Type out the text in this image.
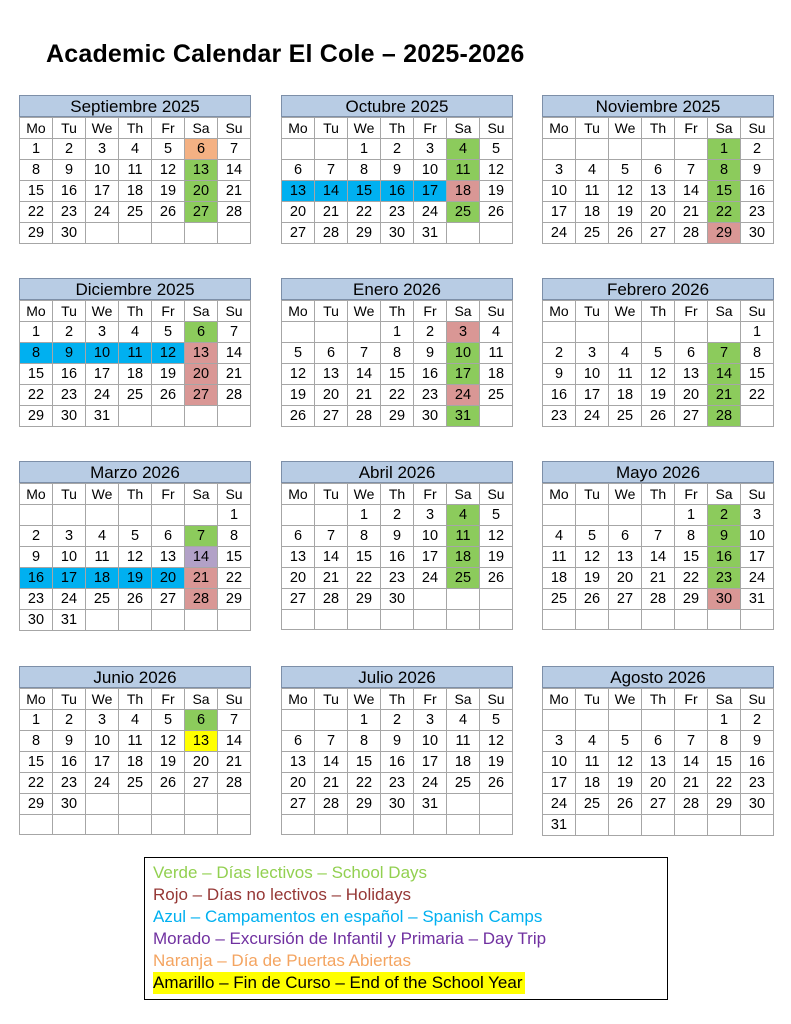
Academic Calendar El Cole – 2025-2026
Septiembre 2025
Mo	Tu	We	Th	Fr	Sa	Su
1	2	3	4	5	6	7
8	9	10	11	12	13	14
15	16	17	18	19	20	21
22	23	24	25	26	27	28
29	30					
Octubre 2025
Mo	Tu	We	Th	Fr	Sa	Su
		1	2	3	4	5
6	7	8	9	10	11	12
13	14	15	16	17	18	19
20	21	22	23	24	25	26
27	28	29	30	31		
Noviembre 2025
Mo	Tu	We	Th	Fr	Sa	Su
					1	2
3	4	5	6	7	8	9
10	11	12	13	14	15	16
17	18	19	20	21	22	23
24	25	26	27	28	29	30
Diciembre 2025
Mo	Tu	We	Th	Fr	Sa	Su
1	2	3	4	5	6	7
8	9	10	11	12	13	14
15	16	17	18	19	20	21
22	23	24	25	26	27	28
29	30	31				
Enero 2026
Mo	Tu	We	Th	Fr	Sa	Su
			1	2	3	4
5	6	7	8	9	10	11
12	13	14	15	16	17	18
19	20	21	22	23	24	25
26	27	28	29	30	31	
Febrero 2026
Mo	Tu	We	Th	Fr	Sa	Su
						1
2	3	4	5	6	7	8
9	10	11	12	13	14	15
16	17	18	19	20	21	22
23	24	25	26	27	28	
Marzo 2026
Mo	Tu	We	Th	Fr	Sa	Su
						1
2	3	4	5	6	7	8
9	10	11	12	13	14	15
16	17	18	19	20	21	22
23	24	25	26	27	28	29
30	31					
Abril 2026
Mo	Tu	We	Th	Fr	Sa	Su
		1	2	3	4	5
6	7	8	9	10	11	12
13	14	15	16	17	18	19
20	21	22	23	24	25	26
27	28	29	30			

Mayo 2026
Mo	Tu	We	Th	Fr	Sa	Su
				1	2	3
4	5	6	7	8	9	10
11	12	13	14	15	16	17
18	19	20	21	22	23	24
25	26	27	28	29	30	31

Junio 2026
Mo	Tu	We	Th	Fr	Sa	Su
1	2	3	4	5	6	7
8	9	10	11	12	13	14
15	16	17	18	19	20	21
22	23	24	25	26	27	28
29	30					

Julio 2026
Mo	Tu	We	Th	Fr	Sa	Su
		1	2	3	4	5
6	7	8	9	10	11	12
13	14	15	16	17	18	19
20	21	22	23	24	25	26
27	28	29	30	31		

Agosto 2026
Mo	Tu	We	Th	Fr	Sa	Su
					1	2
3	4	5	6	7	8	9
10	11	12	13	14	15	16
17	18	19	20	21	22	23
24	25	26	27	28	29	30
31						
Verde – Días lectivos – School Days
Rojo – Días no lectivos – Holidays
Azul – Campamentos en español – Spanish Camps
Morado – Excursión de Infantil y Primaria – Day Trip
Naranja – Día de Puertas Abiertas
Amarillo – Fin de Curso – End of the School Year
